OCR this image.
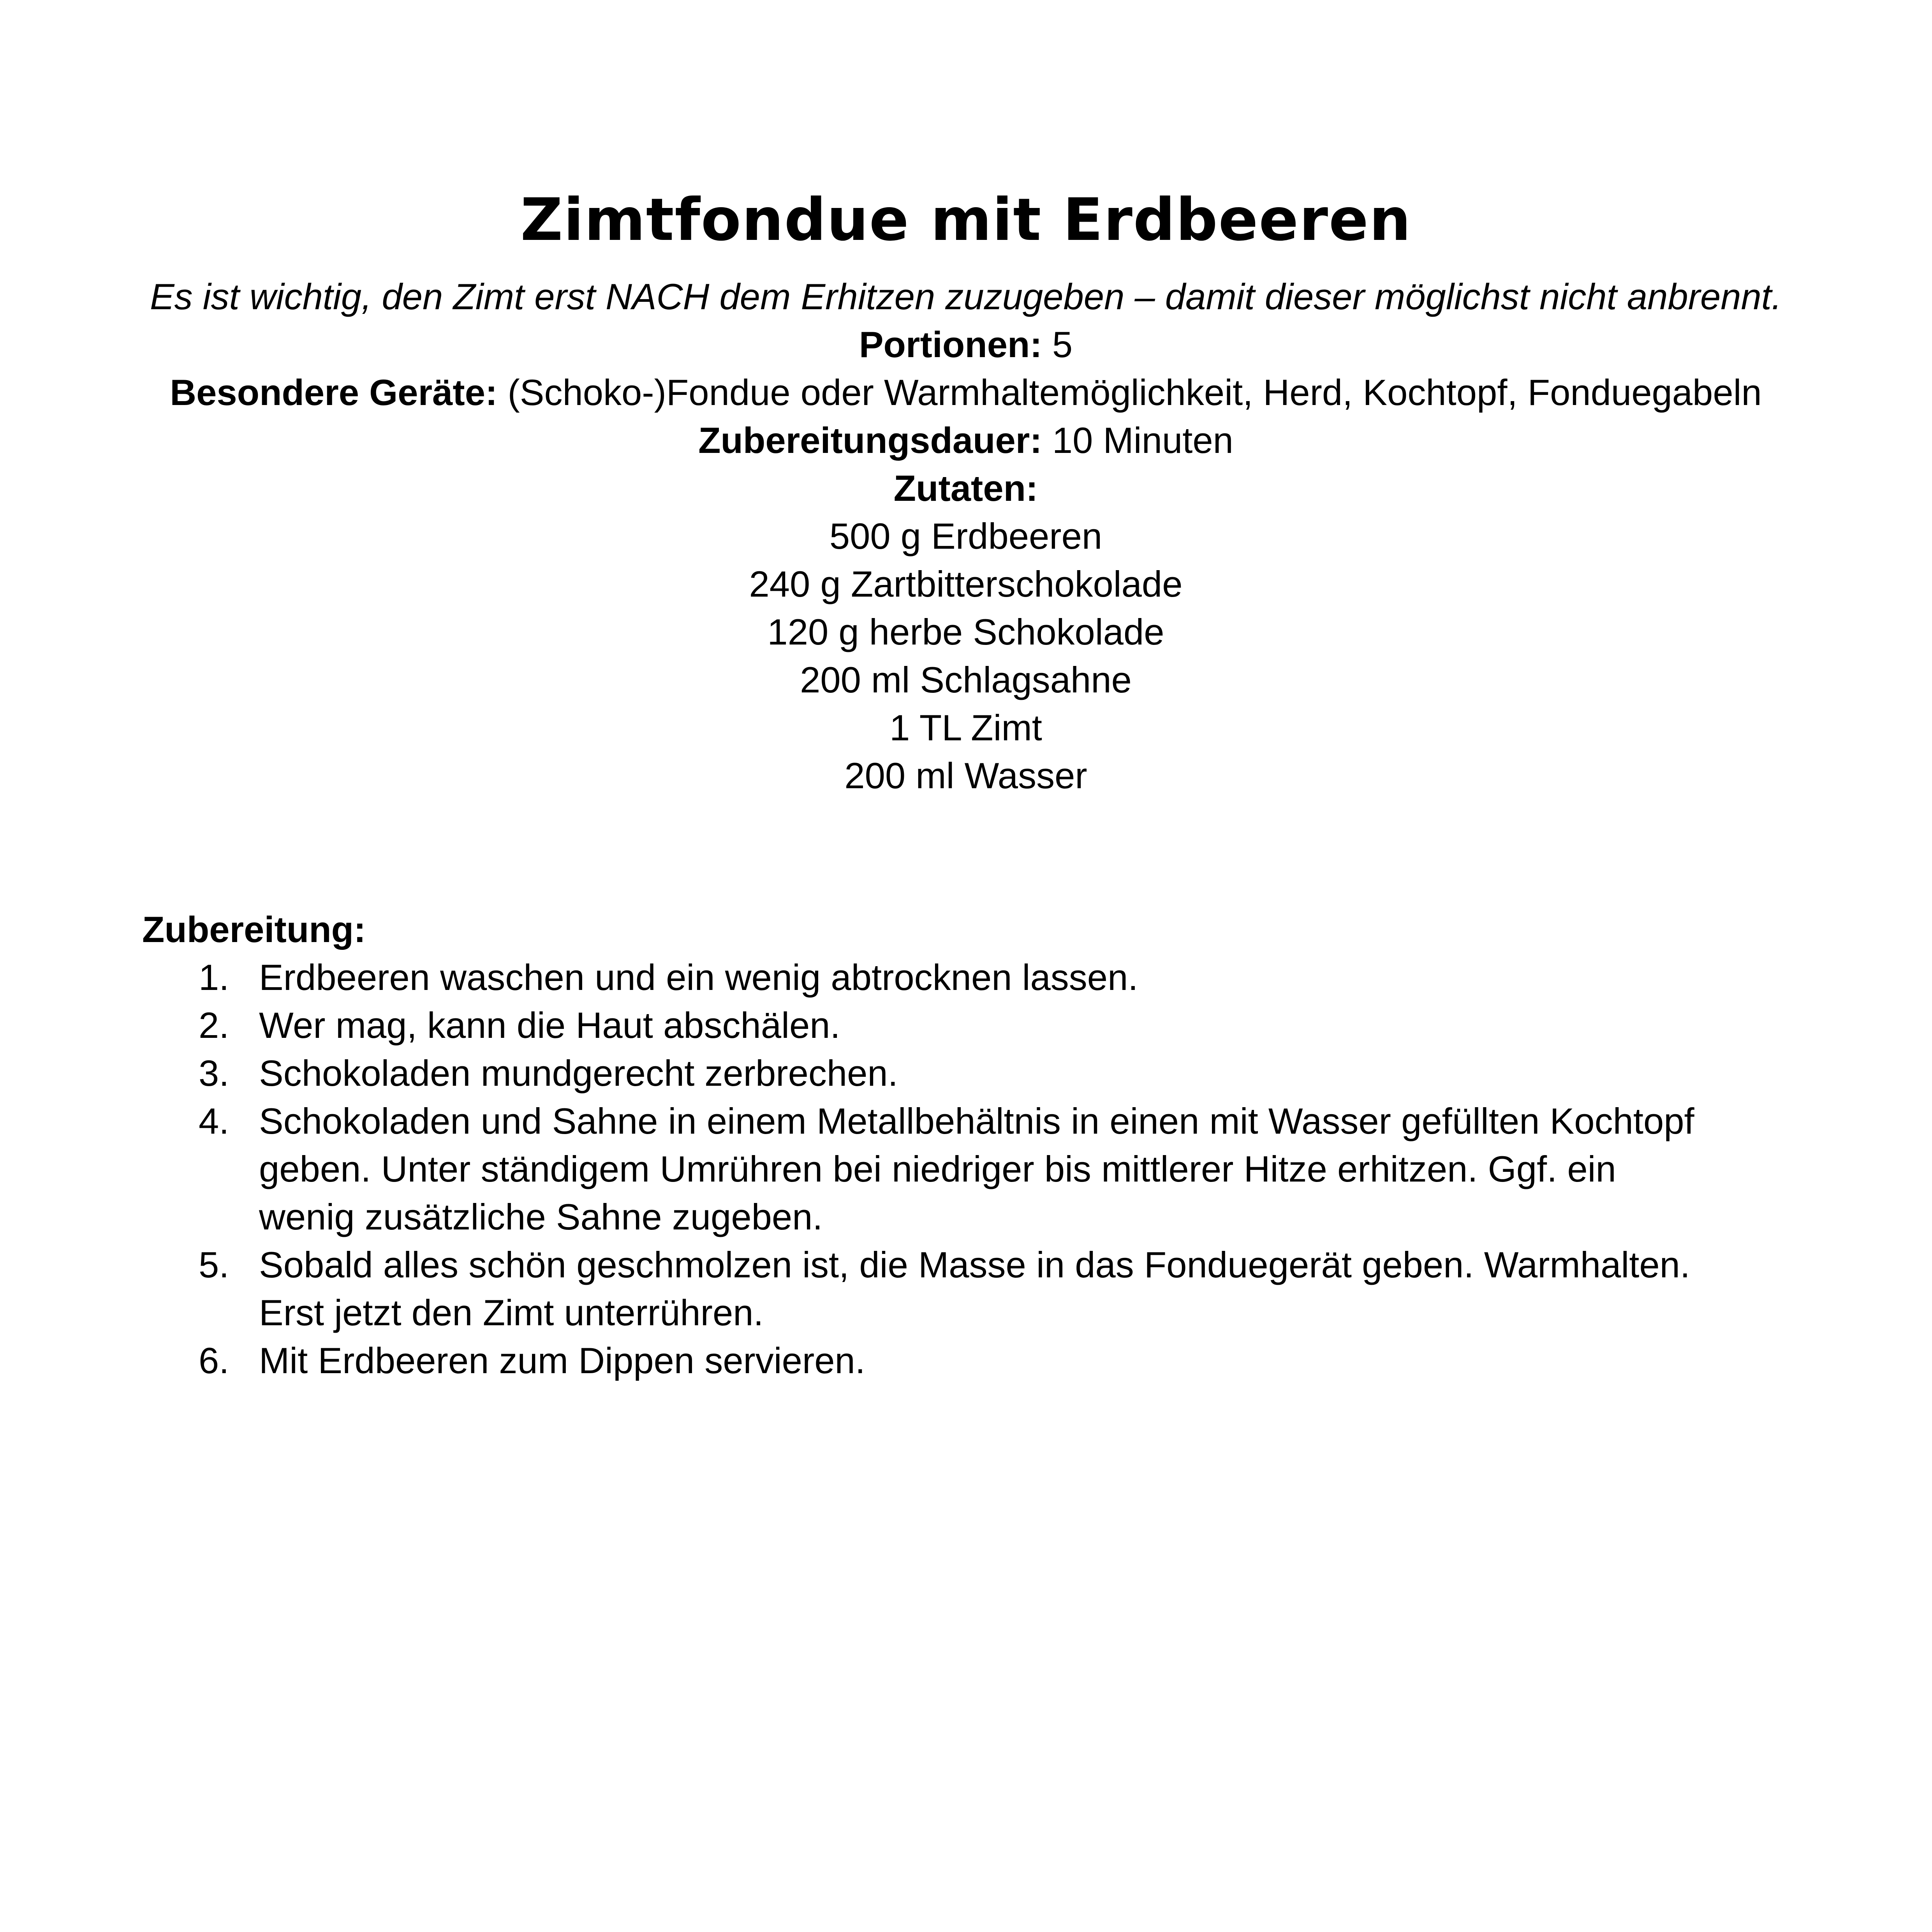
Zimtfondue mit Erdbeeren

Es ist wichtig, den Zimt erst NACH dem Erhitzen zuzugeben – damit dieser möglichst nicht anbrennt.

Portionen: 5

Besondere Geräte: (Schoko-)Fondue oder Warmhaltemöglichkeit, Herd, Kochtopf, Fonduegabeln

Zubereitungsdauer: 10 Minuten

Zutaten:

500 g Erdbeeren
240 g Zartbitterschokolade
120 g herbe Schokolade
200 ml Schlagsahne
1 TL Zimt
200 ml Wasser

Zubereitung:

1. Erdbeeren waschen und ein wenig abtrocknen lassen.
2. Wer mag, kann die Haut abschälen.
3. Schokoladen mundgerecht zerbrechen.
4. Schokoladen und Sahne in einem Metallbehältnis in einen mit Wasser gefüllten Kochtopf geben. Unter ständigem Umrühren bei niedriger bis mittlerer Hitze erhitzen. Ggf. ein wenig zusätzliche Sahne zugeben.
5. Sobald alles schön geschmolzen ist, die Masse in das Fonduegerät geben. Warmhalten. Erst jetzt den Zimt unterrühren.
6. Mit Erdbeeren zum Dippen servieren.
